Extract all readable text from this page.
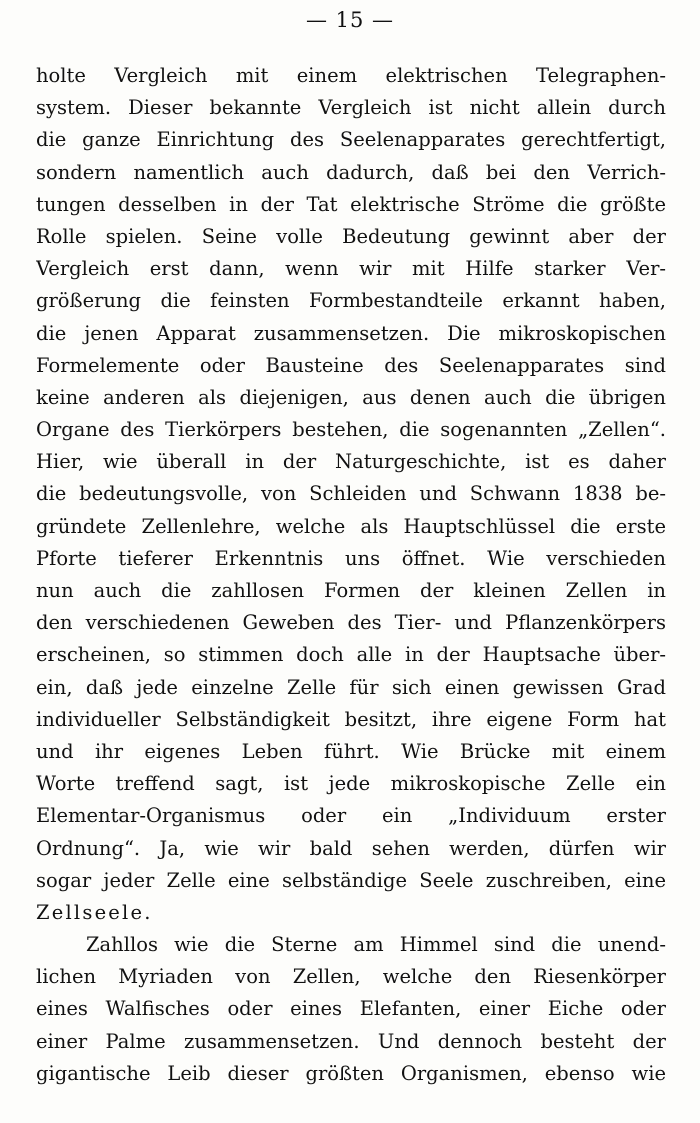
— 15 —
holte Vergleich mit einem elektrischen Telegraphen-
system. Dieser bekannte Vergleich ist nicht allein durch
die ganze Einrichtung des Seelenapparates gerechtfertigt,
sondern namentlich auch dadurch, daß bei den Verrich-
tungen desselben in der Tat elektrische Ströme die größte
Rolle spielen. Seine volle Bedeutung gewinnt aber der
Vergleich erst dann, wenn wir mit Hilfe starker Ver-
größerung die feinsten Formbestandteile erkannt haben,
die jenen Apparat zusammensetzen. Die mikroskopischen
Formelemente oder Bausteine des Seelenapparates sind
keine anderen als diejenigen, aus denen auch die übrigen
Organe des Tierkörpers bestehen, die sogenannten „Zellen“.
Hier, wie überall in der Naturgeschichte, ist es daher
die bedeutungsvolle, von Schleiden und Schwann 1838 be-
gründete Zellenlehre, welche als Hauptschlüssel die erste
Pforte tieferer Erkenntnis uns öffnet. Wie verschieden
nun auch die zahllosen Formen der kleinen Zellen in
den verschiedenen Geweben des Tier- und Pflanzenkörpers
erscheinen, so stimmen doch alle in der Hauptsache über-
ein, daß jede einzelne Zelle für sich einen gewissen Grad
individueller Selbständigkeit besitzt, ihre eigene Form hat
und ihr eigenes Leben führt. Wie Brücke mit einem
Worte treffend sagt, ist jede mikroskopische Zelle ein
Elementar-Organismus oder ein „Individuum erster
Ordnung“. Ja, wie wir bald sehen werden, dürfen wir
sogar jeder Zelle eine selbständige Seele zuschreiben, eine
Zellseele.
Zahllos wie die Sterne am Himmel sind die unend-
lichen Myriaden von Zellen, welche den Riesenkörper
eines Walfisches oder eines Elefanten, einer Eiche oder
einer Palme zusammensetzen. Und dennoch besteht der
gigantische Leib dieser größten Organismen, ebenso wie
